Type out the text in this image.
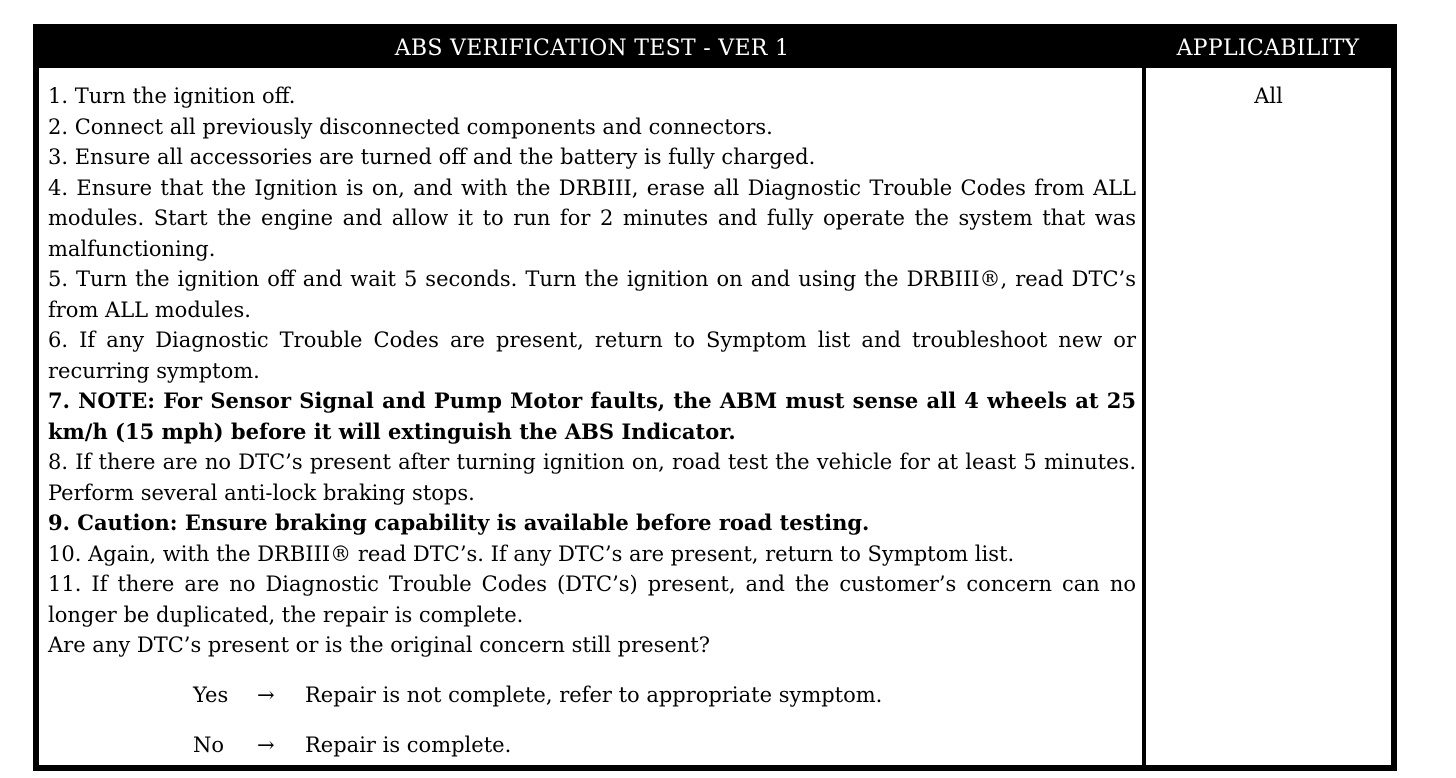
ABS VERIFICATION TEST - VER 1	APPLICABILITY

1. Turn the ignition off.

2. Connect all previously disconnected components and connectors.

3. Ensure all accessories are turned off and the battery is fully charged.

4. Ensure that the Ignition is on, and with the DRBIII, erase all Diagnostic Trouble Codes from ALL modules. Start the engine and allow it to run for 2 minutes and fully operate the system that was malfunctioning.

5. Turn the ignition off and wait 5 seconds. Turn the ignition on and using the DRBIII®, read DTC’s from ALL modules.

6. If any Diagnostic Trouble Codes are present, return to Symptom list and troubleshoot new or recurring symptom.

7. NOTE: For Sensor Signal and Pump Motor faults, the ABM must sense all 4 wheels at 25 km/h (15 mph) before it will extinguish the ABS Indicator.

8. If there are no DTC’s present after turning ignition on, road test the vehicle for at least 5 minutes. Perform several anti-lock braking stops.

9. Caution: Ensure braking capability is available before road testing.

10. Again, with the DRBIII® read DTC’s. If any DTC’s are present, return to Symptom list.

11. If there are no Diagnostic Trouble Codes (DTC’s) present, and the customer’s concern can no longer be duplicated, the repair is complete.

Are any DTC’s present or is the original concern still present?

All
Yes → Repair is not complete, refer to appropriate symptom.
No → Repair is complete.
